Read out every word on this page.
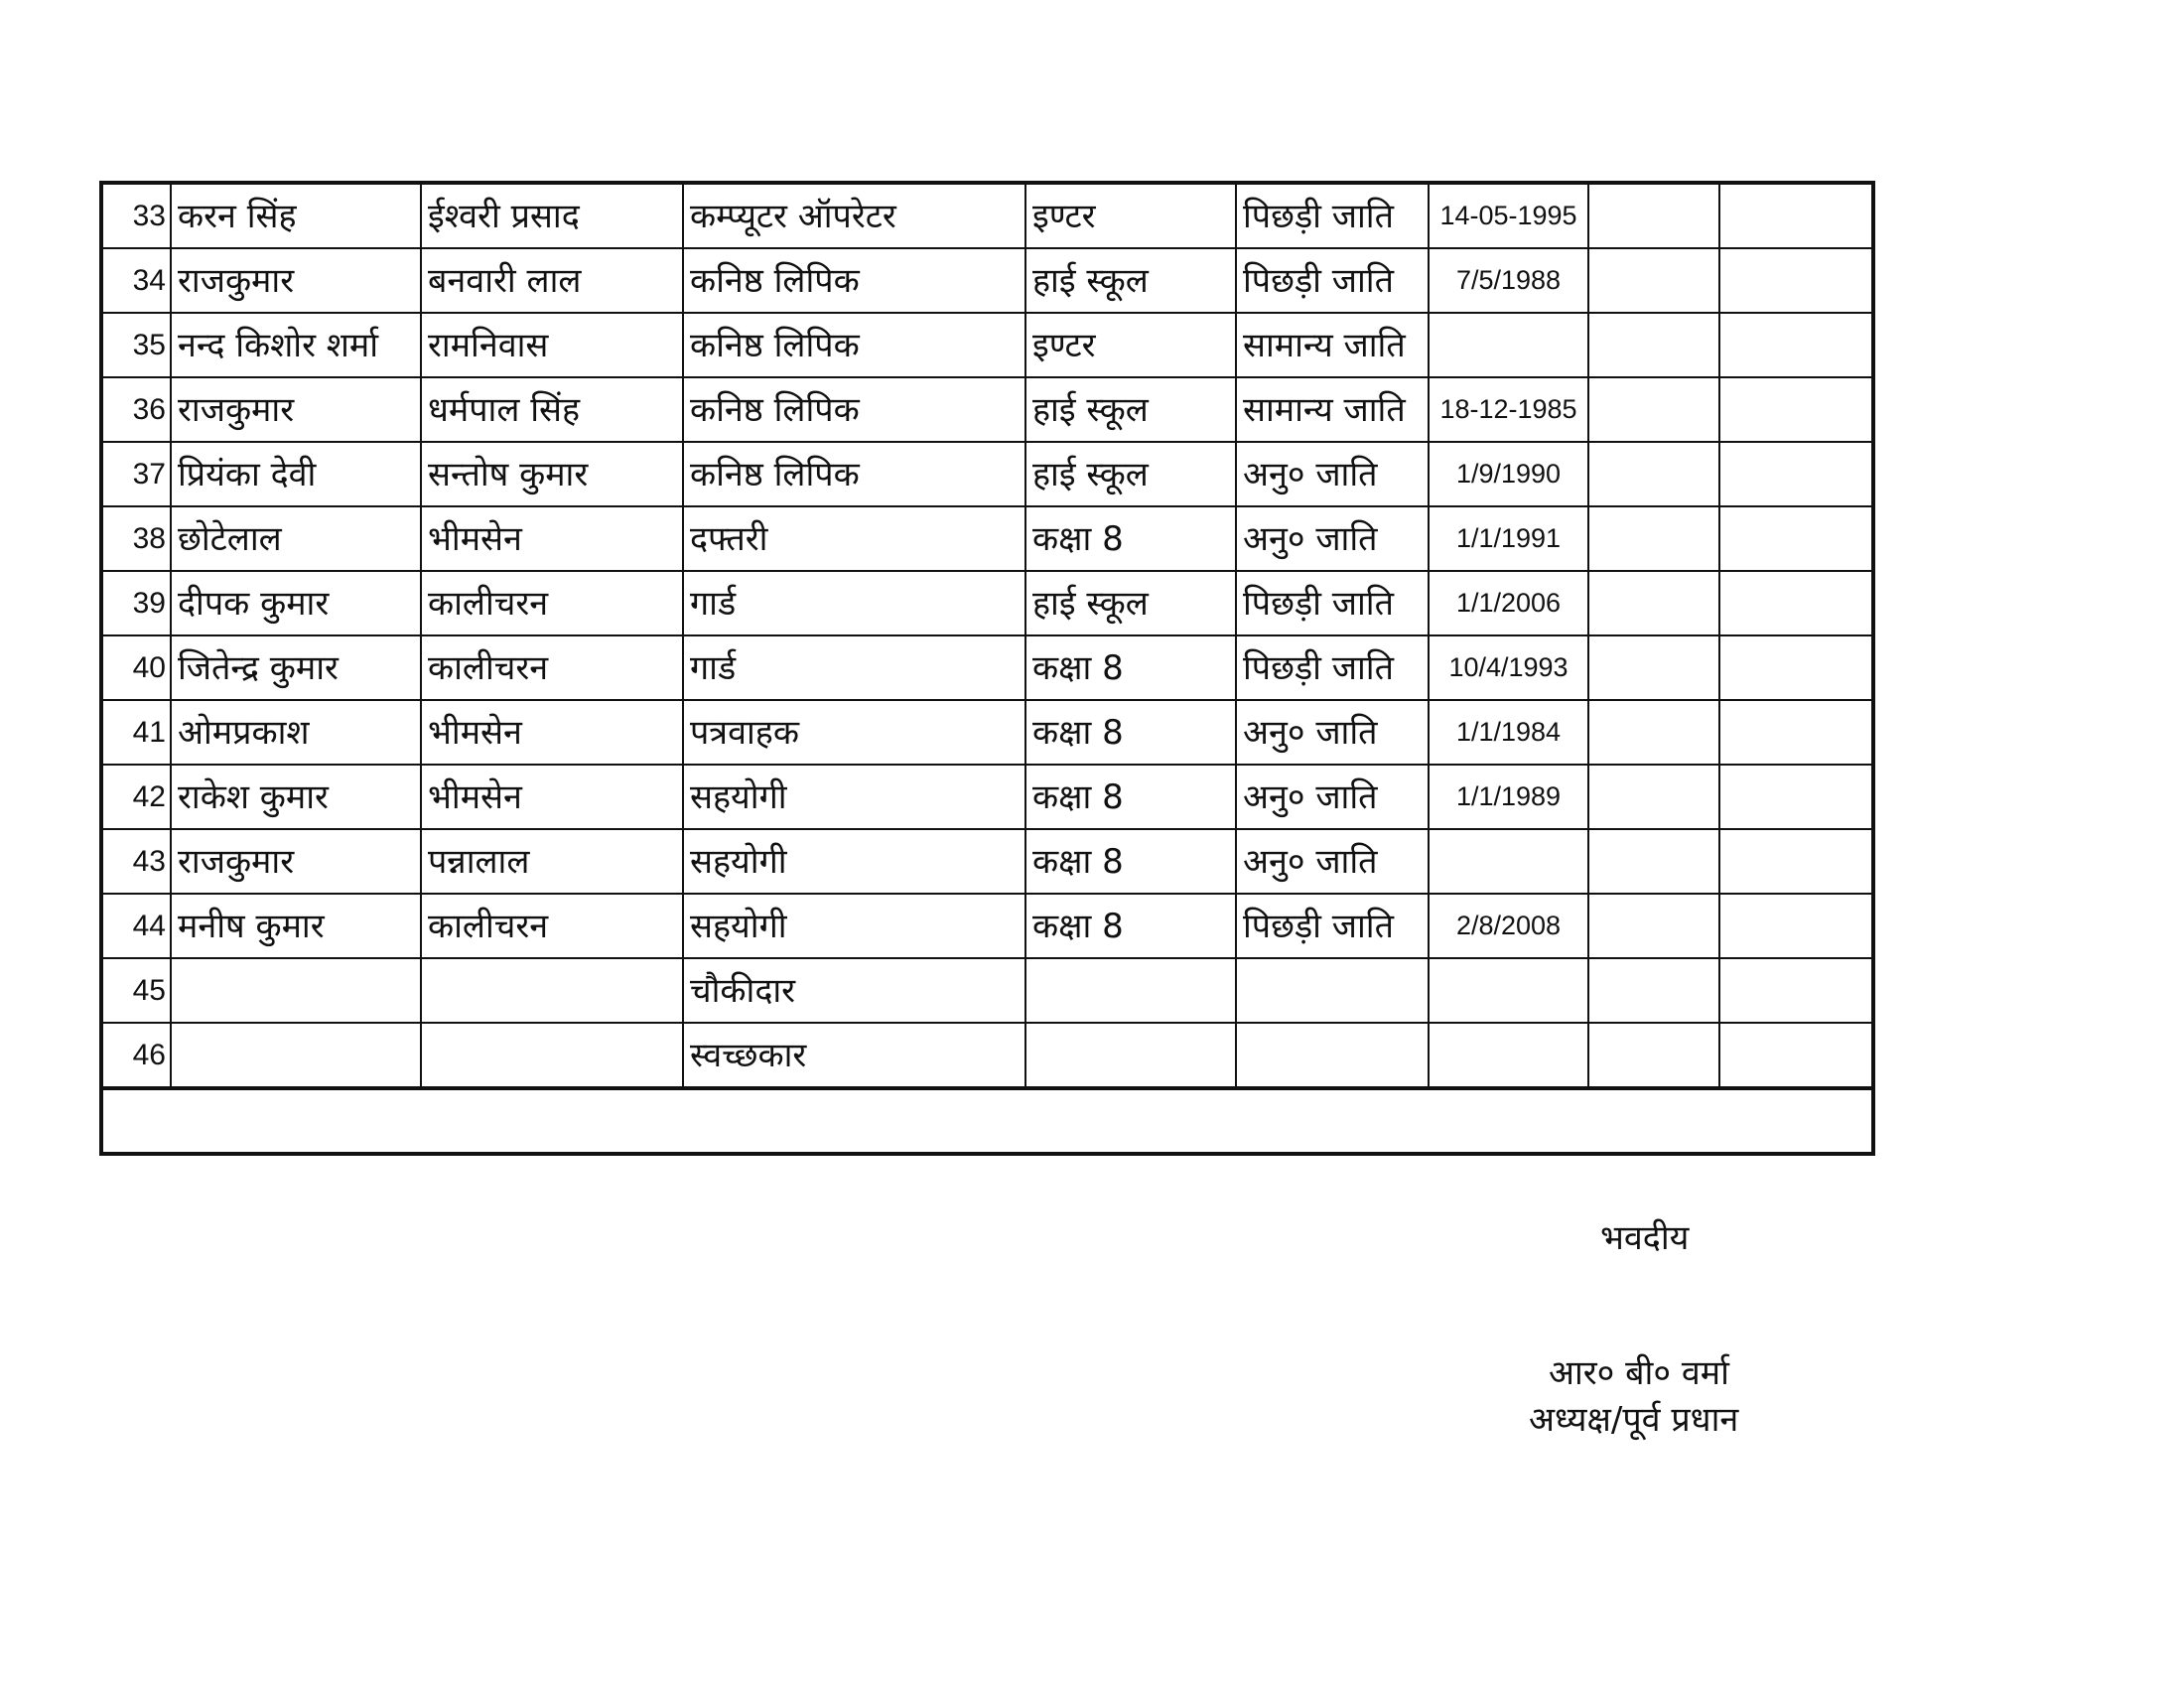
33	करन सिंह	ईश्वरी प्रसाद	कम्प्यूटर ऑपरेटर	इण्टर	पिछड़ी जाति	14-05-1995		
34	राजकुमार	बनवारी लाल	कनिष्ठ लिपिक	हाई स्कूल	पिछड़ी जाति	7/5/1988		
35	नन्द किशोर शर्मा	रामनिवास	कनिष्ठ लिपिक	इण्टर	सामान्य जाति			
36	राजकुमार	धर्मपाल सिंह	कनिष्ठ लिपिक	हाई स्कूल	सामान्य जाति	18-12-1985		
37	प्रियंका देवी	सन्तोष कुमार	कनिष्ठ लिपिक	हाई स्कूल	अनु० जाति	1/9/1990		
38	छोटेलाल	भीमसेन	दफ्तरी	कक्षा 8	अनु० जाति	1/1/1991		
39	दीपक कुमार	कालीचरन	गार्ड	हाई स्कूल	पिछड़ी जाति	1/1/2006		
40	जितेन्द्र कुमार	कालीचरन	गार्ड	कक्षा 8	पिछड़ी जाति	10/4/1993		
41	ओमप्रकाश	भीमसेन	पत्रवाहक	कक्षा 8	अनु० जाति	1/1/1984		
42	राकेश कुमार	भीमसेन	सहयोगी	कक्षा 8	अनु० जाति	1/1/1989		
43	राजकुमार	पन्नालाल	सहयोगी	कक्षा 8	अनु० जाति			
44	मनीष कुमार	कालीचरन	सहयोगी	कक्षा 8	पिछड़ी जाति	2/8/2008		
45			चौकीदार					
46			स्वच्छकार					

भवदीय
आर० बी० वर्मा
अध्यक्ष/पूर्व प्रधान
